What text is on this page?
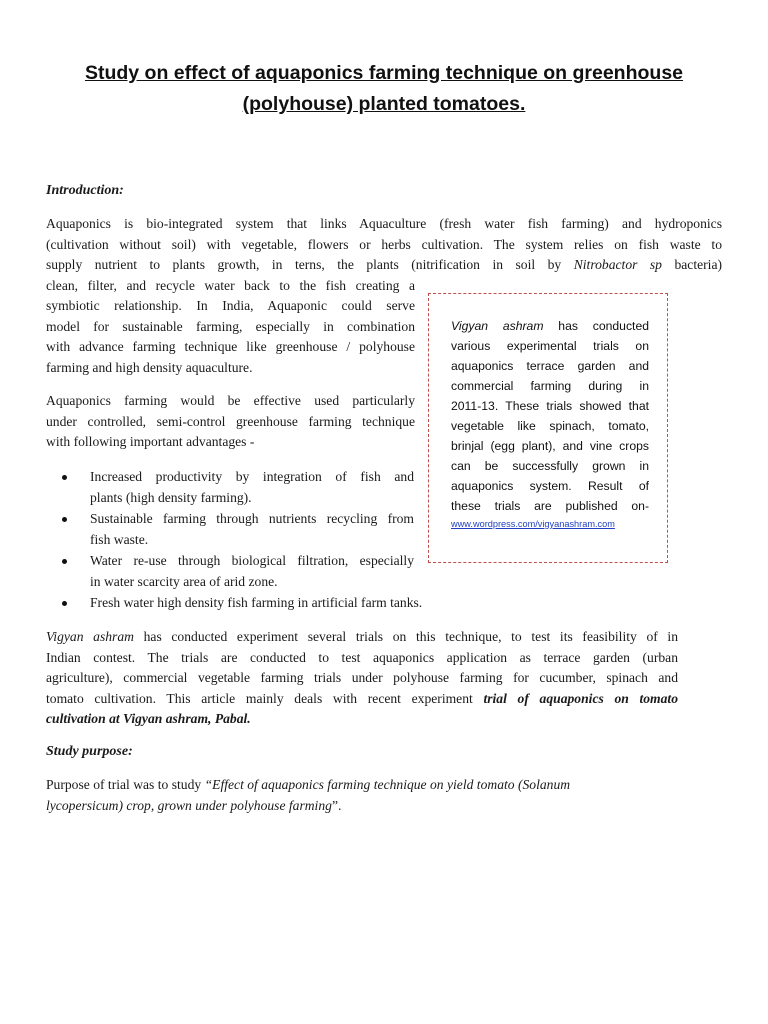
Study on effect of aquaponics farming technique on greenhouse
(polyhouse) planted tomatoes.
Introduction:
Aquaponics is bio-integrated system that links Aquaculture (fresh water fish farming) and hydroponics
(cultivation without soil) with vegetable, flowers or herbs cultivation. The system relies on fish waste to
supply nutrient to plants growth, in terns, the plants (nitrification in soil by Nitrobactor sp bacteria)
clean, filter, and recycle water back to the fish creating a
symbiotic relationship. In India, Aquaponic could serve
model for sustainable farming, especially in combination
with advance farming technique like greenhouse / polyhouse
farming and high density aquaculture.
Aquaponics farming would be effective used particularly
under controlled, semi-control greenhouse farming technique
with following important advantages -
Increased productivity by integration of fish and
plants (high density farming).
Sustainable farming through nutrients recycling from
fish waste.
Water re-use through biological filtration, especially
in water scarcity area of arid zone.
Fresh water high density fish farming in artificial farm tanks.
Vigyan ashram has conducted
various experimental trials on
aquaponics terrace garden and
commercial farming during in
2011-13. These trials showed that
vegetable like spinach, tomato,
brinjal (egg plant), and vine crops
can be successfully grown in
aquaponics system. Result of
these trials are published on-
www.wordpress.com/vigyanashram.com
Vigyan ashram has conducted experiment several trials on this technique, to test its feasibility of in
Indian contest. The trials are conducted to test aquaponics application as terrace garden (urban
agriculture), commercial vegetable farming trials under polyhouse farming for cucumber, spinach and
tomato cultivation. This article mainly deals with recent experiment trial of aquaponics on tomato
cultivation at Vigyan ashram, Pabal.
Study purpose:
Purpose of trial was to study “Effect of aquaponics farming technique on yield tomato (Solanum
lycopersicum) crop, grown under polyhouse farming”.
